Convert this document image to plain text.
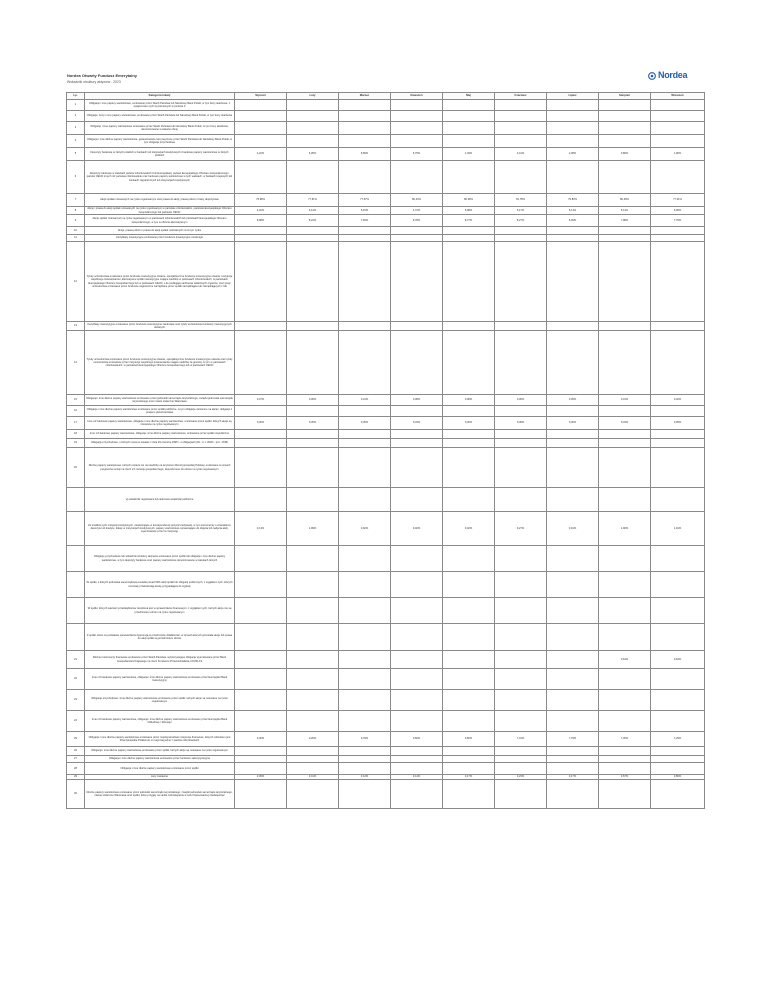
Nordea Otwarty Fundusz Emerytalny
Wskaźniki struktury aktywów - 2023
Nordea
Lp.	Kategoria lokaty	Styczeń	Luty	Marzec	Kwiecień	Maj	Czerwiec	Lipiec	Sierpień	Wrzesień
1	Obligacje i inne papiery wartościowe, emitowane przez Skarb Państwa lub Narodowy Bank Polski, w tym bony skarbowe, z wyłączeniem tych wymienionych w punkcie 3									
2	Obligacje, bony i inne papiery wartościowe, emitowane przez Skarb Państwa lub Narodowy Bank Polski, w tym bony skarbowe									
3	Obligacje i inne papiery wartościowe emitowane przez Skarb Państwa lub Narodowy Bank Polski, w tym bony skarbowe, denominowane w walucie obcej									
4	Obligacje i inne dłużne papiery wartościowe, gwarantowane lub poręczone przez Skarb Państwa lub Narodowy Bank Polski, w tym obligacje przychodowe									
5	Depozyty bankowe w złotych polskich w bankach lub instytucjach kredytowych i bankowe papiery wartościowe w złotych polskich	4,22%	6,35%	6,89%	5,75%	1,49%	3,41%	2,38%	3,86%	1,96%
6	Depozyty bankowe w walutach państw członkowskich Unii Europejskiej, państw Europejskiego Obszaru Gospodarczego i państw OECD innych niż państwa członkowskie oraz bankowe papiery wartościowe w tych walutach, w bankach krajowych lub bankach zagranicznych lub instytucjach kredytowych									
7	Akcje spółek notowanych na rynku regulowanym oraz prawa do akcji, prawa poboru i kwity depozytowe	79,98%	77,51%	77,67%	80,43%	80,38%	81,78%	79,80%	80,48%	77,01%
8	Akcje i prawa do akcji spółek notowanych na rynku regulowanym w państwie członkowskim, państwie Europejskiego Obszaru Gospodarczego lub państwie OECD	4,22%	6,14%	5,15%	4,72%	5,98%	5,17%	5,11%	5,11%	6,96%
9	Akcje spółek notowanych na rynku regulowanym w państwach członkowskich lub państwach Europejskiego Obszaru Gospodarczego, w tym w obrocie alternatywnym	8,98%	8,24%	7,84%	8,78%	8,77%	8,27%	8,39%	7,98%	7,79%
10	Akcje, prawa poboru i prawa do akcji spółek notowanych na innym rynku									
11	Certyfikaty inwestycyjne emitowane przez fundusze inwestycyjne zamknięte									
12	Tytuły uczestnictwa emitowane przez fundusze inwestycyjne otwarte, specjalistyczne fundusze inwestycyjne otwarte, instytucje wspólnego inwestowania i alternatywne spółki inwestycyjne mające siedzibę w państwach członkowskich, w państwach Europejskiego Obszaru Gospodarczego lub w państwach OECD, o ile podlegają nadzorowi właściwych organów, oraz tytuły uczestnictwa emitowane przez fundusze zagraniczne zarządzane przez spółki zarządzające lub zarządzających z UE									
13	Certyfikaty inwestycyjne emitowane przez fundusze inwestycyjne zamknięte oraz tytuły uczestnictwa funduszy inwestycyjnych otwartych									
14	Tytuły uczestnictwa emitowane przez fundusze inwestycyjne otwarte, specjalistyczne fundusze inwestycyjne otwarte oraz tytuły uczestnictwa emitowane przez instytucje wspólnego inwestowania mające siedzibę za granicą, w tym w państwach członkowskich, w państwach Europejskiego Obszaru Gospodarczego lub w państwach OECD									
15	Obligacje i inne dłużne papiery wartościowe emitowane przez jednostki samorządu terytorialnego, związki jednostek samorządu terytorialnego oraz miasto stołeczne Warszawa	0,37%	0,36%	0,41%	0,38%	0,38%	0,36%	0,35%	0,31%	0,32%
16	Obligacje i inne dłużne papiery wartościowe emitowane przez spółki publiczne, w tym obligacje zamienne na akcje i obligacje z prawem pierwszeństwa									
17	Inne niż bankowe papiery wartościowe, obligacje i inne dłużne papiery wartościowe, emitowane przez spółki, których akcje są notowane na rynku regulowanym	0,36%	0,35%	0,35%	0,33%	0,36%	0,38%	0,36%	0,34%	0,35%
18	Inne niż bankowe papiery wartościowe, obligacje i inne dłużne papiery wartościowe, emitowane przez spółki niepubliczne									
19	Obligacje przychodowe, o których mowa w ustawie z dnia 29 czerwca 1995 r. o obligacjach (Dz. U. z 2020 r. poz. 1708)									
20	Dłużne papiery wartościowe, których emitent nie ma siedziby na terytorium Rzeczypospolitej Polskiej, emitowane w ramach programów emisji na rzecz ich rozwoju gospodarczego, dopuszczone do obrotu na rynku regulowanym									
	w) wskaźniki regulowane lub ilościowe wskaźniki publiczne									
	Ze środków tych instytucji kredytowych, niewliczające w korespondencji pozycji kredytowej, w tym instrumenty o charakterze depozytu lub kredytu, lokaty w instytucjach kredytowych, papiery wartościowe uprawniające do objęcia lub nabycia akcji, wyemitowane przez te instytucje	0,11%	1,99%	0,92%	0,02%	0,02%	0,27%	0,01%	1,90%	1,91%
	Obligacje przychodowe lub wskaźniki struktury aktywów emitowane przez spółki lub obligacje i inne dłużne papiery wartościowe, w tym depozyty bankowe oraz papiery wartościowe denominowane w walutach obcych									
	W spółki, o których jednostka samorządowa posiada ponad 50% akcji spółki lub obligacji publicznych, z wyjątkiem tych, których nominały przekraczają kwotę przypadającą do wypłaty									
	W spółki, których wartości przedsiębiorstw określona jest w sprawozdaniu finansowym, z wyjątkiem tych, których akcje nie są przedmiotem obrotu na rynku regulowanym									
	Z spółki, które na podstawie sprawozdania dysponują w przedmiocie działalności, w ramach których pozostałe akcje lub prawa do akcji spółki są przedmiotem obrotu									
21	Dłużne instrumenty finansowe emitowane przez Skarb Państwa, wykorzystujące obligacje wyemitowane przez Bank Gospodarstwa Krajowego na rzecz Funduszu Przeciwdziałania COVID-19								0,64%	0,64%
22	Inne niż bankowe papiery wartościowe, obligacje i inne dłużne papiery wartościowe emitowane przez Europejski Bank Inwestycyjny									
23	Obligacje przychodowe i inne dłużne papiery wartościowe emitowane przez spółki, których akcje są notowane na rynku regulowanym									
24	Inne niż bankowe papiery wartościowe, obligacje i inne dłużne papiery wartościowe emitowane przez Europejski Bank Odbudowy i Rozwoju									
25	Obligacje i inne dłużne papiery wartościowe emitowane przez międzynarodowe instytucje finansowe, których członkiem jest Rzeczpospolita Polska lub co najmniej jedno z państw członkowskich	0,36%	0,26%	0,79%	0,60%	0,66%	7,01%	7,79%	7,36%	7,29%
26	Obligacje i inne dłużne papiery wartościowe emitowane przez spółki, których akcje są notowane na rynku regulowanym									
27	Obligacje i inne dłużne papiery wartościowe emitowane przez fundusze sekurytyzacyjne									
28	Obligacje i inne dłużne papiery wartościowe emitowane przez spółki									
29	Listy zastawne	2,36%	3,41%	3,12%	3,14%	3,17%	3,23%	3,17%	3,67%	3,86%
30	Dłużne papiery wartościowe emitowane przez jednostki samorządu terytorialnego, związki jednostek samorządu terytorialnego, miasto stołeczne Warszawa oraz spółki, które przyjęły na siebie zobowiązania w celu finansowania przedsięwzięć									
